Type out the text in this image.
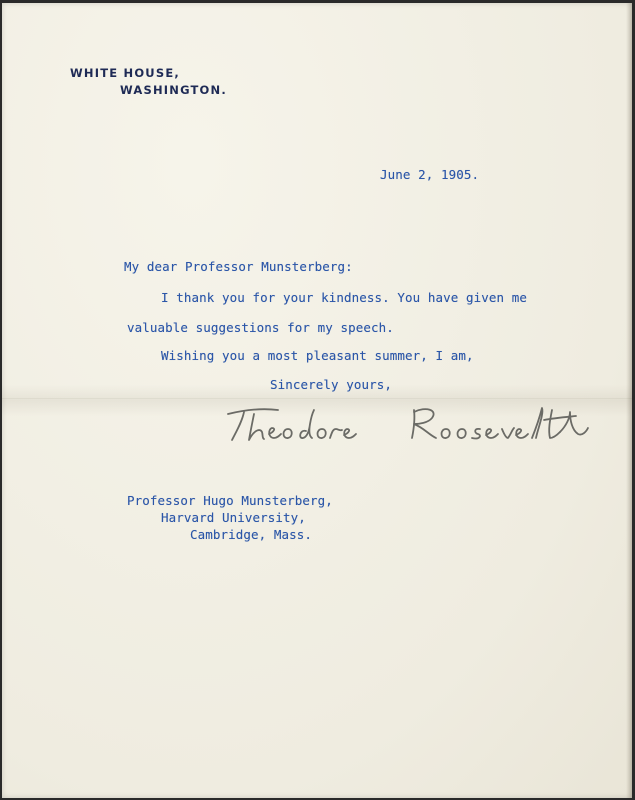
WHITE HOUSE,
WASHINGTON.
June 2, 1905.
My dear Professor Munsterberg:
I thank you for your kindness. You have given me
valuable suggestions for my speech.
Wishing you a most pleasant summer, I am,
Sincerely yours,
Professor Hugo Munsterberg,
Harvard University,
Cambridge, Mass.
